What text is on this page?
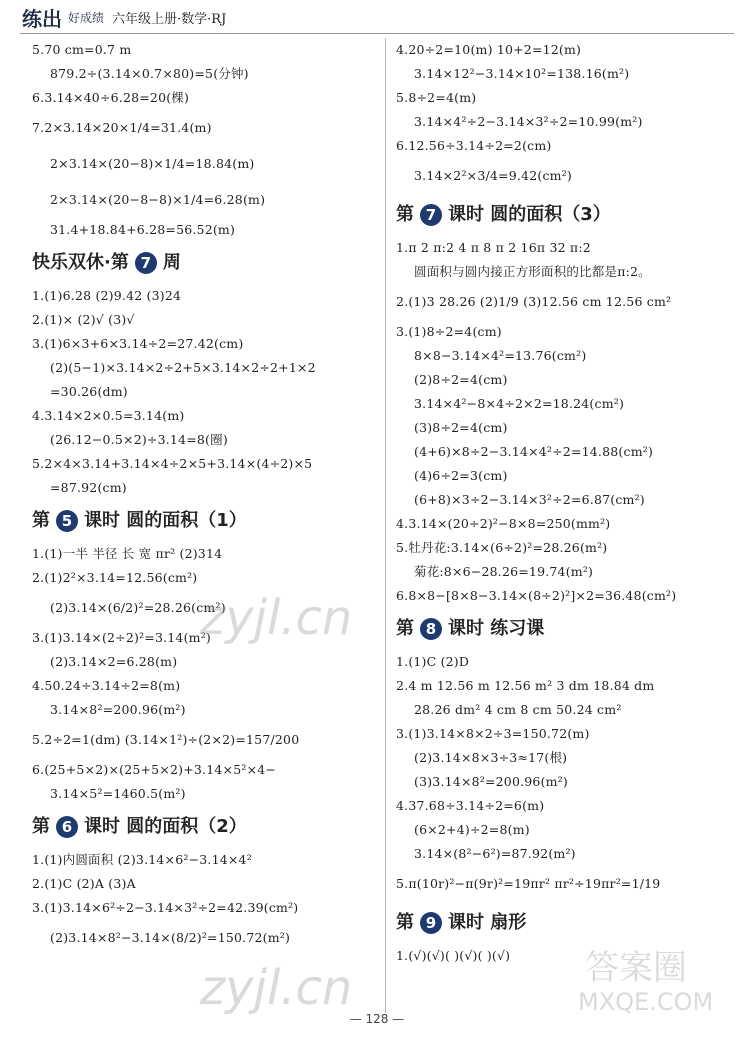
练出 好成绩 六年级上册·数学·RJ
5.70 cm=0.7 m
879.2÷(3.14×0.7×80)=5(分钟)
6.3.14×40÷6.28=20(棵)
7.2×3.14×20×1/4=31.4(m)
2×3.14×(20−8)×1/4=18.84(m)
2×3.14×(20−8−8)×1/4=6.28(m)
31.4+18.84+6.28=56.52(m)
快乐双休·第 7 周
1.(1)6.28 (2)9.42 (3)24
2.(1)× (2)√ (3)√
3.(1)6×3+6×3.14÷2=27.42(cm)
(2)(5−1)×3.14×2÷2+5×3.14×2÷2+1×2
=30.26(dm)
4.3.14×2×0.5=3.14(m)
(26.12−0.5×2)÷3.14=8(圈)
5.2×4×3.14+3.14×4÷2×5+3.14×(4÷2)×5
=87.92(cm)
第 5 课时 圆的面积（1）
1.(1)一半 半径 长 宽 πr² (2)314
2.(1)2²×3.14=12.56(cm²)
(2)3.14×(6/2)²=28.26(cm²)
3.(1)3.14×(2÷2)²=3.14(m²)
(2)3.14×2=6.28(m)
4.50.24÷3.14÷2=8(m)
3.14×8²=200.96(m²)
5.2÷2=1(dm) (3.14×1²)÷(2×2)=157/200
6.(25+5×2)×(25+5×2)+3.14×5²×4−
3.14×5²=1460.5(m²)
第 6 课时 圆的面积（2）
1.(1)内圆面积 (2)3.14×6²−3.14×4²
2.(1)C (2)A (3)A
3.(1)3.14×6²÷2−3.14×3²÷2=42.39(cm²)
(2)3.14×8²−3.14×(8/2)²=150.72(m²)
4.20÷2=10(m) 10+2=12(m)
3.14×12²−3.14×10²=138.16(m²)
5.8÷2=4(m)
3.14×4²÷2−3.14×3²÷2=10.99(m²)
6.12.56÷3.14÷2=2(cm)
3.14×2²×3/4=9.42(cm²)
第 7 课时 圆的面积（3）
1.π 2 π:2 4 π 8 π 2 16π 32 π:2
圆面积与圆内接正方形面积的比都是π:2。
2.(1)3 28.26 (2)1/9 (3)12.56 cm 12.56 cm²
3.(1)8÷2=4(cm)
8×8−3.14×4²=13.76(cm²)
(2)8÷2=4(cm)
3.14×4²−8×4÷2×2=18.24(cm²)
(3)8÷2=4(cm)
(4+6)×8÷2−3.14×4²÷2=14.88(cm²)
(4)6÷2=3(cm)
(6+8)×3÷2−3.14×3²÷2=6.87(cm²)
4.3.14×(20÷2)²−8×8=250(mm²)
5.牡丹花:3.14×(6÷2)²=28.26(m²)
菊花:8×6−28.26=19.74(m²)
6.8×8−[8×8−3.14×(8÷2)²]×2=36.48(cm²)
第 8 课时 练习课
1.(1)C (2)D
2.4 m 12.56 m 12.56 m² 3 dm 18.84 dm
28.26 dm² 4 cm 8 cm 50.24 cm²
3.(1)3.14×8×2÷3=150.72(m)
(2)3.14×8×3÷3≈17(根)
(3)3.14×8²=200.96(m²)
4.37.68÷3.14÷2=6(m)
(6×2+4)÷2=8(m)
3.14×(8²−6²)=87.92(m²)
5.π(10r)²−π(9r)²=19πr² πr²÷19πr²=1/19
第 9 课时 扇形
1.(√)(√)( )(√)( )(√)
— 128 —
zyjl.cn
zyjl.cn	答案圈
MXQE.COM
